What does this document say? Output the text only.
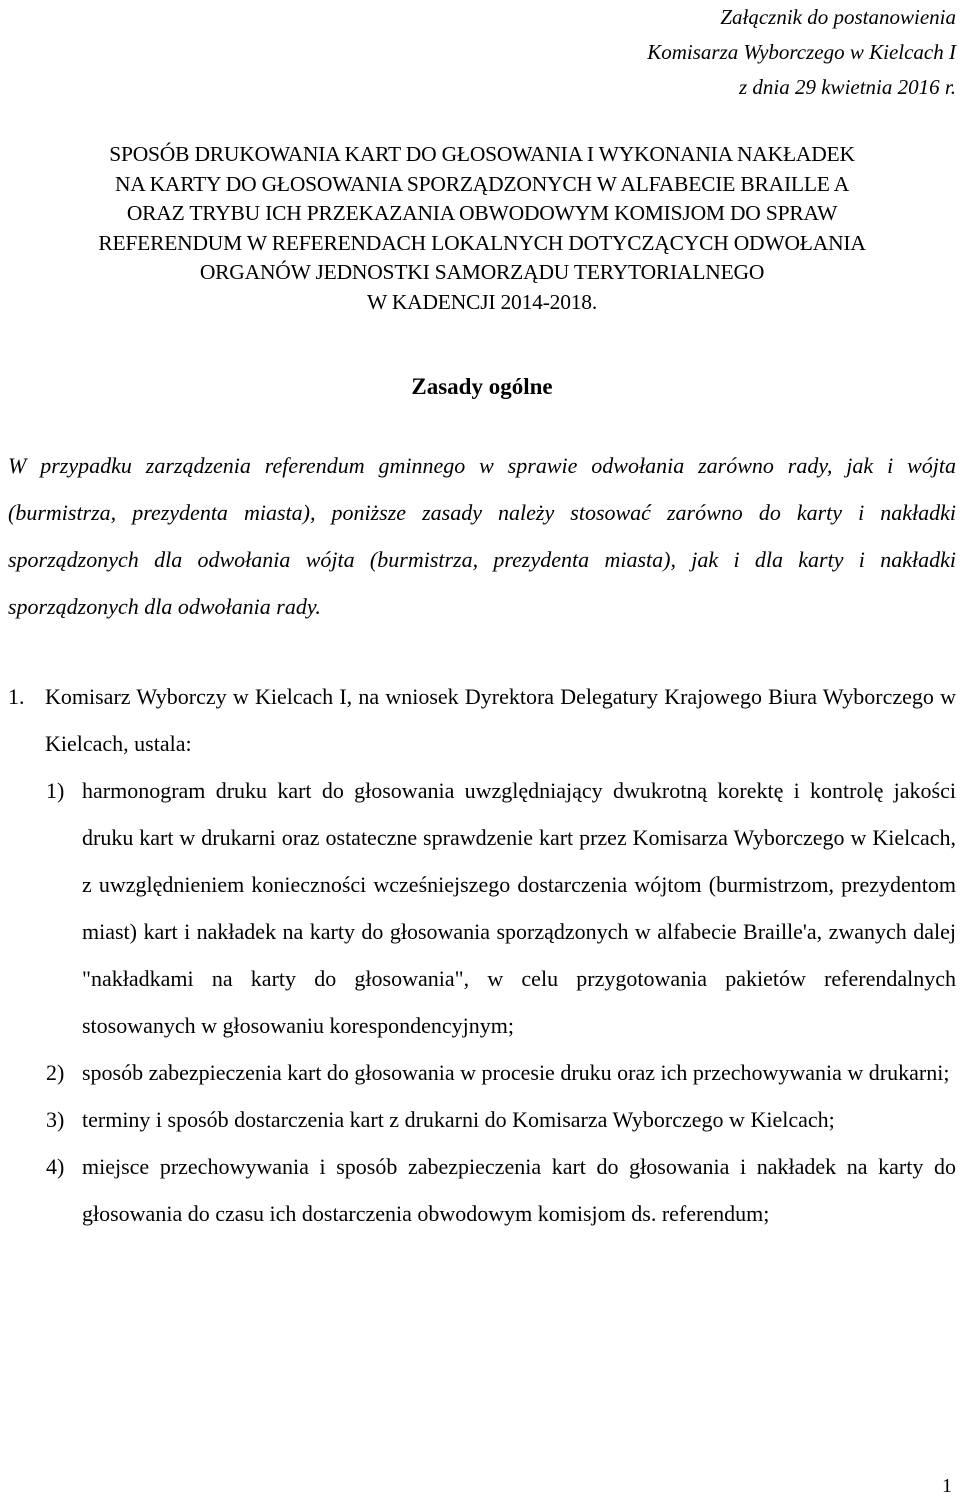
Załącznik do postanowienia
Komisarza Wyborczego w Kielcach I
z dnia 29 kwietnia 2016 r.
SPOSÓB DRUKOWANIA KART DO GŁOSOWANIA I WYKONANIA NAKŁADEK
NA KARTY DO GŁOSOWANIA SPORZĄDZONYCH W ALFABECIE BRAILLE A
ORAZ TRYBU ICH PRZEKAZANIA OBWODOWYM KOMISJOM DO SPRAW
REFERENDUM W REFERENDACH LOKALNYCH DOTYCZĄCYCH ODWOŁANIA
ORGANÓW JEDNOSTKI SAMORZĄDU TERYTORIALNEGO
W KADENCJI 2014-2018.
Zasady ogólne
W przypadku zarządzenia referendum gminnego w sprawie odwołania zarówno rady, jak i wójta (burmistrza, prezydenta miasta), poniższe zasady należy stosować zarówno do karty i nakładki sporządzonych dla odwołania wójta (burmistrza, prezydenta miasta), jak i dla karty i nakładki sporządzonych dla odwołania rady.
1. Komisarz Wyborczy w Kielcach I, na wniosek Dyrektora Delegatury Krajowego Biura Wyborczego w Kielcach, ustala:
1) harmonogram druku kart do głosowania uwzględniający dwukrotną korektę i kontrolę jakości druku kart w drukarni oraz ostateczne sprawdzenie kart przez Komisarza Wyborczego w Kielcach, z uwzględnieniem konieczności wcześniejszego dostarczenia wójtom (burmistrzom, prezydentom miast) kart i nakładek na karty do głosowania sporządzonych w alfabecie Braille'a, zwanych dalej "nakładkami na karty do głosowania", w celu przygotowania pakietów referendalnych stosowanych w głosowaniu korespondencyjnym;
2) sposób zabezpieczenia kart do głosowania w procesie druku oraz ich przechowywania w drukarni;
3) terminy i sposób dostarczenia kart z drukarni do Komisarza Wyborczego w Kielcach;
4) miejsce przechowywania i sposób zabezpieczenia kart do głosowania i nakładek na karty do głosowania do czasu ich dostarczenia obwodowym komisjom ds. referendum;
1
